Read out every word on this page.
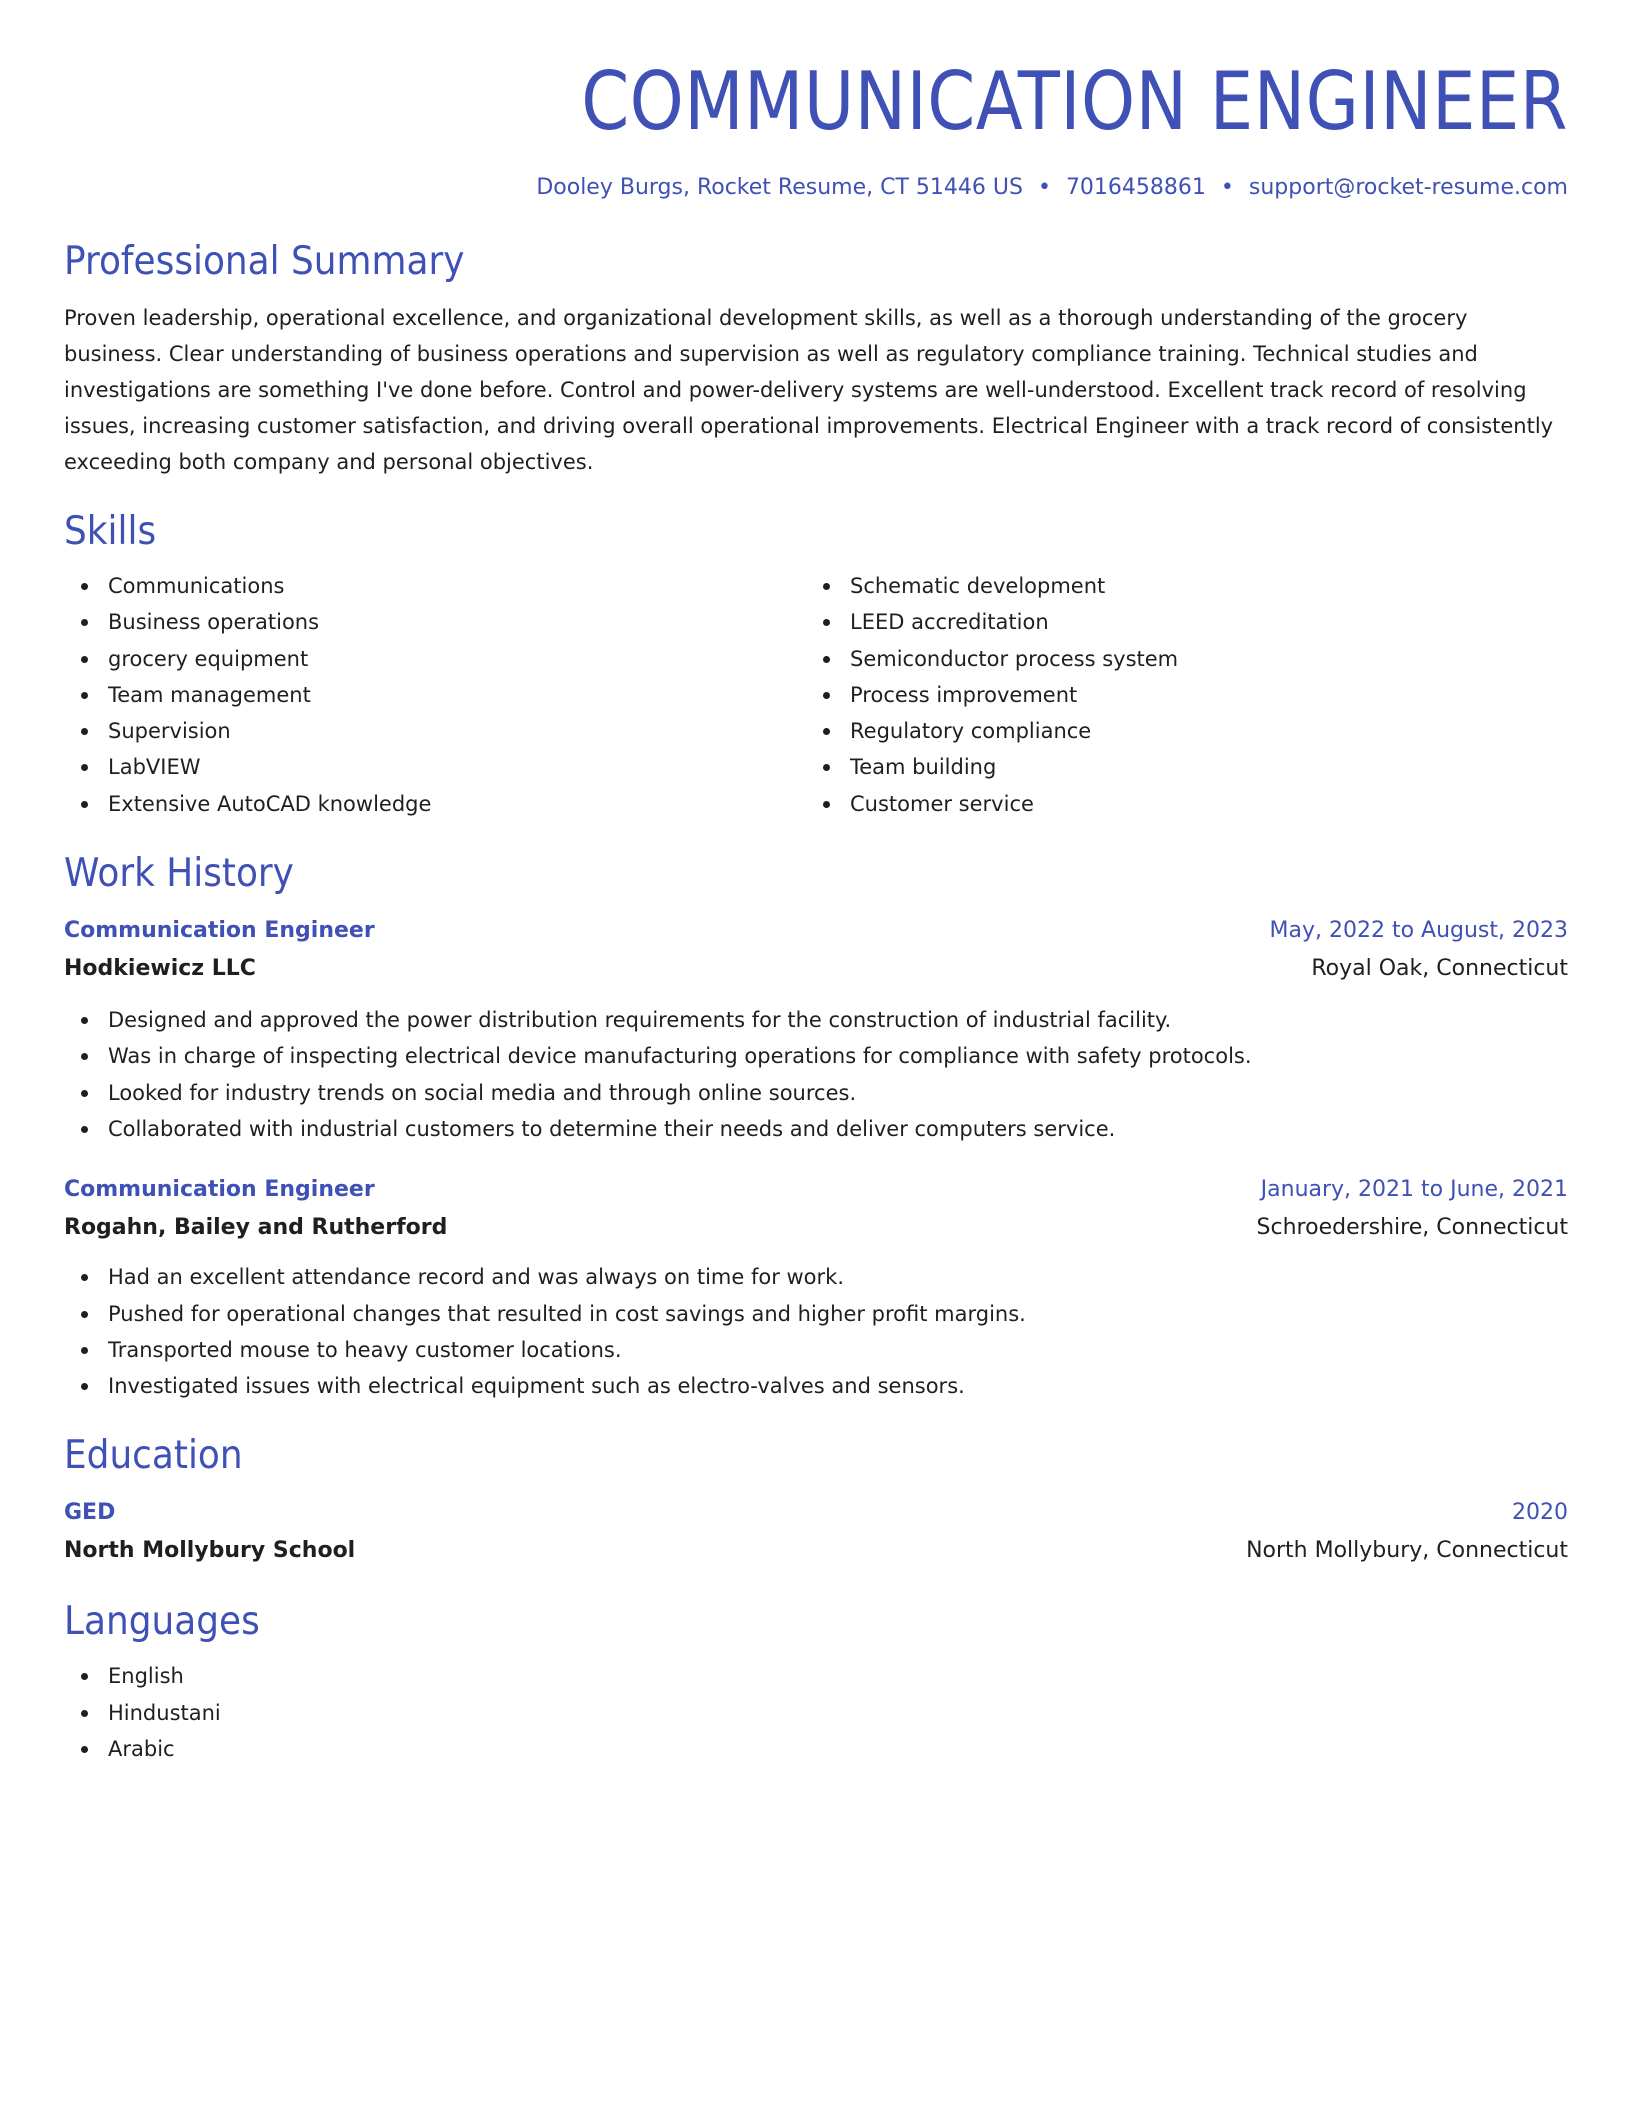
COMMUNICATION ENGINEER
Dooley Burgs, Rocket Resume, CT 51446 US • 7016458861 • support@rocket-resume.com
Professional Summary

Proven leadership, operational excellence, and organizational development skills, as well as a thorough understanding of the grocery business. Clear understanding of business operations and supervision as well as regulatory compliance training. Technical studies and investigations are something I've done before. Control and power-delivery systems are well-understood. Excellent track record of resolving issues, increasing customer satisfaction, and driving overall operational improvements. Electrical Engineer with a track record of consistently exceeding both company and personal objectives.

Skills
Communications
Business operations
grocery equipment
Team management
Supervision
LabVIEW
Extensive AutoCAD knowledge
Schematic development
LEED accreditation
Semiconductor process system
Process improvement
Regulatory compliance
Team building
Customer service
Work History
Communication Engineer	May, 2022 to August, 2023
Hodkiewicz LLC	Royal Oak, Connecticut
Designed and approved the power distribution requirements for the construction of industrial facility.
Was in charge of inspecting electrical device manufacturing operations for compliance with safety protocols.
Looked for industry trends on social media and through online sources.
Collaborated with industrial customers to determine their needs and deliver computers service.
Communication Engineer	January, 2021 to June, 2021
Rogahn, Bailey and Rutherford	Schroedershire, Connecticut
Had an excellent attendance record and was always on time for work.
Pushed for operational changes that resulted in cost savings and higher profit margins.
Transported mouse to heavy customer locations.
Investigated issues with electrical equipment such as electro-valves and sensors.
Education
GED	2020
North Mollybury School	North Mollybury, Connecticut
Languages
English
Hindustani
Arabic
